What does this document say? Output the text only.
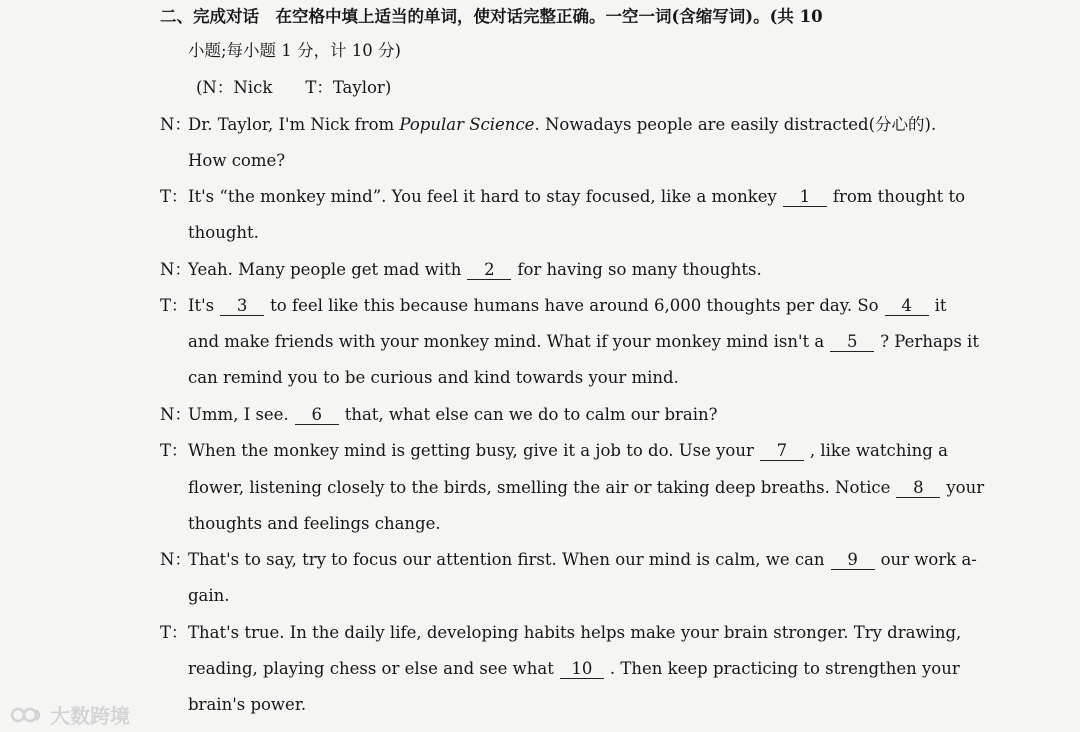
二、完成对话　在空格中填上适当的单词，使对话完整正确。一空一词(含缩写词)。(共 10
小题;每小题 1 分，计 10 分)
(N：Nick　　T：Taylor)
N：Dr. Taylor, I'm Nick from Popular Science. Nowadays people are easily distracted(分心的).
How come?
T：It's “the monkey mind”. You feel it hard to stay focused, like a monkey 1 from thought to
thought.
N：Yeah. Many people get mad with 2 for having so many thoughts.
T：It's 3 to feel like this because humans have around 6,000 thoughts per day. So 4 it
and make friends with your monkey mind. What if your monkey mind isn't a 5 ? Perhaps it
can remind you to be curious and kind towards your mind.
N：Umm, I see. 6 that, what else can we do to calm our brain?
T：When the monkey mind is getting busy, give it a job to do. Use your 7 , like watching a
flower, listening closely to the birds, smelling the air or taking deep breaths. Notice 8 your
thoughts and feelings change.
N：That's to say, try to focus our attention first. When our mind is calm, we can 9 our work a-
gain.
T：That's true. In the daily life, developing habits helps make your brain stronger. Try drawing,
reading, playing chess or else and see what 10 . Then keep practicing to strengthen your
brain's power.
大数跨境
